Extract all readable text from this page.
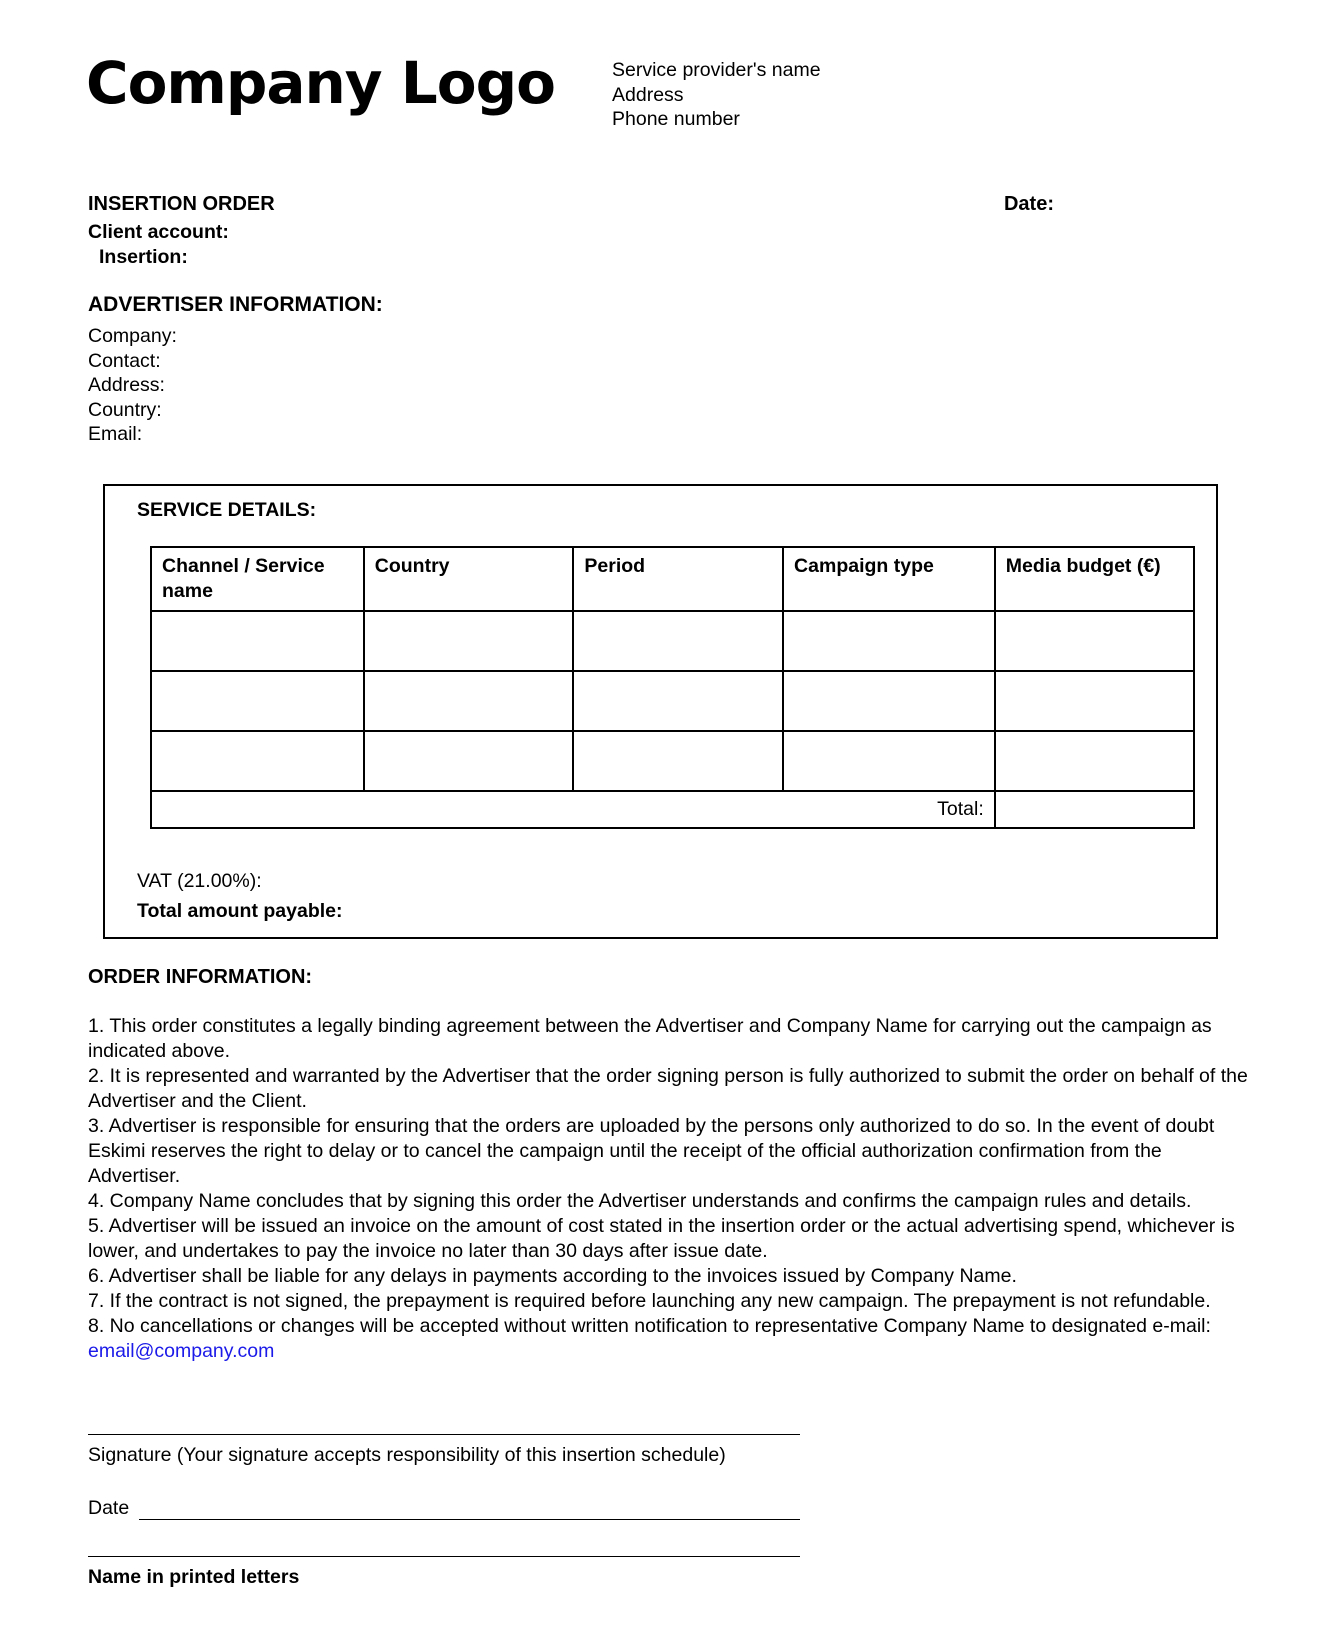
Company Logo	Service provider's name
Address
Phone number
INSERTION ORDER	Date:
Client account:
Insertion:
ADVERTISER INFORMATION:
Company:
Contact:
Address:
Country:
Email:
SERVICE DETAILS:
Channel / Service name	Country	Period	Campaign type	Media budget (€)

Total:				
VAT (21.00%):
Total amount payable:
ORDER INFORMATION:
1. This order constitutes a legally binding agreement between the Advertiser and Company Name for carrying out the campaign as indicated above.
2. It is represented and warranted by the Advertiser that the order signing person is fully authorized to submit the order on behalf of the Advertiser and the Client.
3. Advertiser is responsible for ensuring that the orders are uploaded by the persons only authorized to do so. In the event of doubt Eskimi reserves the right to delay or to cancel the campaign until the receipt of the official authorization confirmation from the Advertiser.
4. Company Name concludes that by signing this order the Advertiser understands and confirms the campaign rules and details.
5. Advertiser will be issued an invoice on the amount of cost stated in the insertion order or the actual advertising spend, whichever is lower, and undertakes to pay the invoice no later than 30 days after issue date.
6. Advertiser shall be liable for any delays in payments according to the invoices issued by Company Name.
7. If the contract is not signed, the prepayment is required before launching any new campaign. The prepayment is not refundable.
8. No cancellations or changes will be accepted without written notification to representative Company Name to designated e-mail: email@company.com
Signature (Your signature accepts responsibility of this insertion schedule)
Date
Name in printed letters
